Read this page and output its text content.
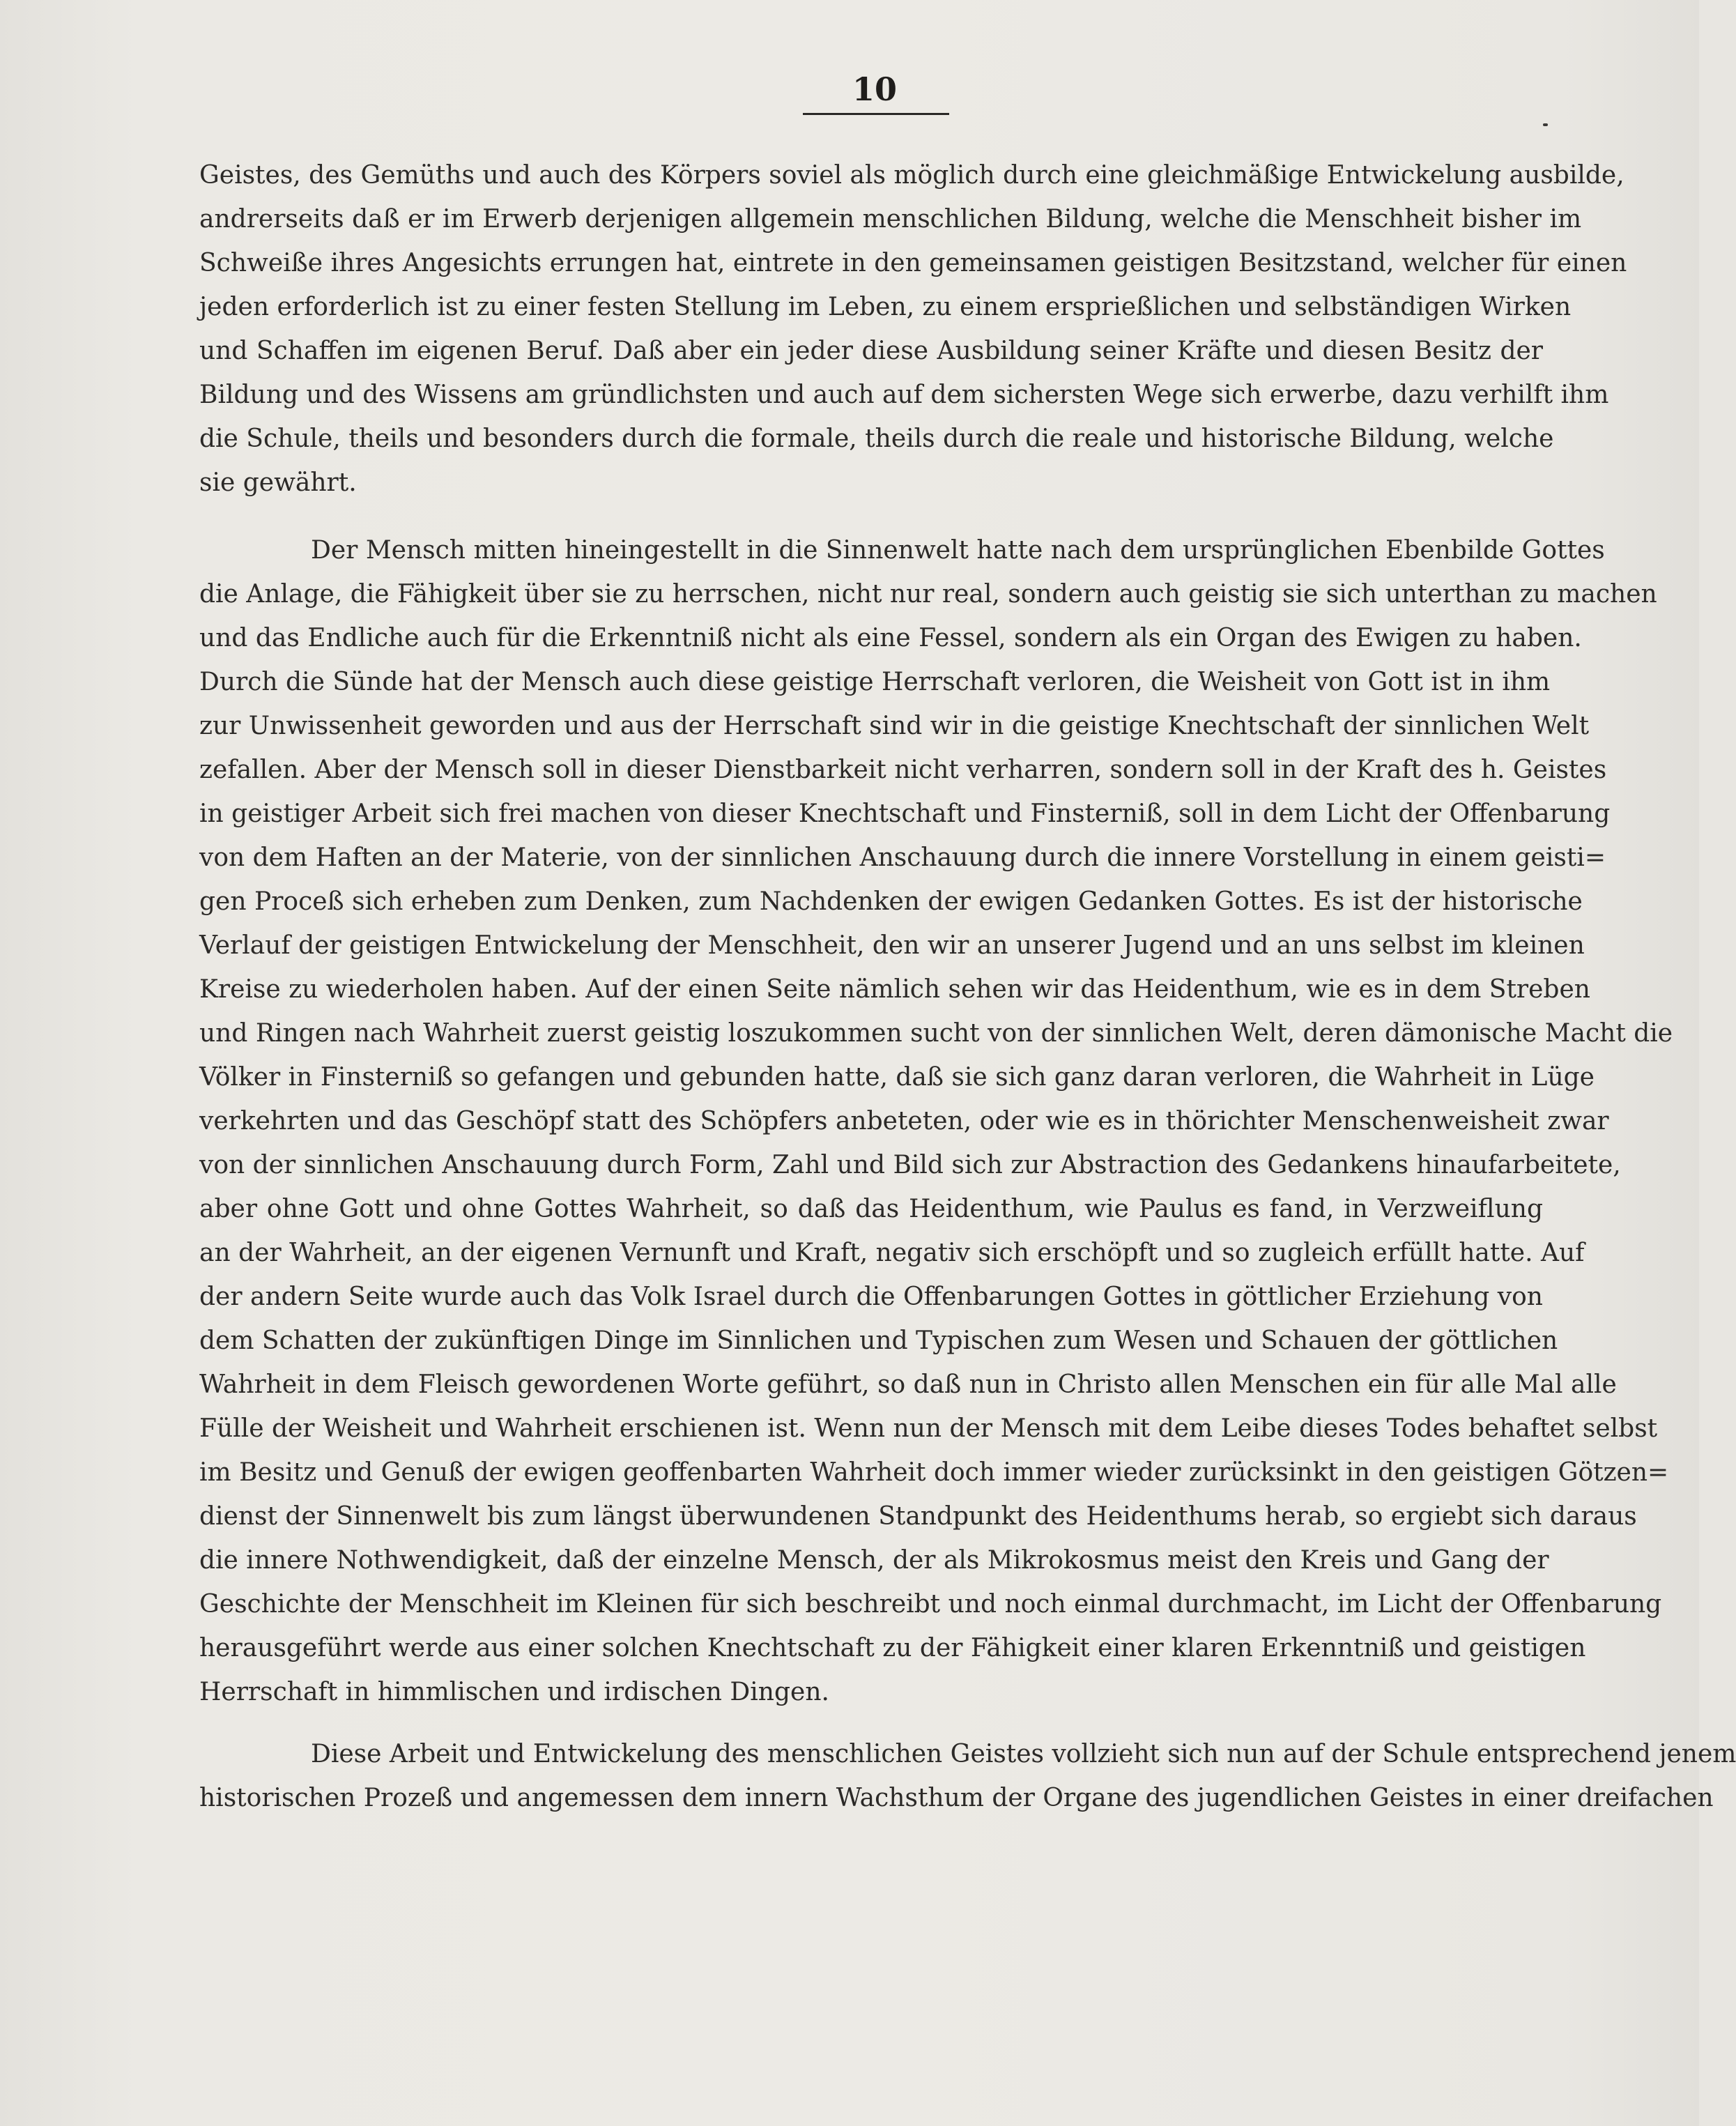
10
Geistes, des Gemüths und auch des Körpers soviel als möglich durch eine gleichmäßige Entwickelung ausbilde,
andrerseits daß er im Erwerb derjenigen allgemein menschlichen Bildung, welche die Menschheit bisher im
Schweiße ihres Angesichts errungen hat, eintrete in den gemeinsamen geistigen Besitzstand, welcher für einen
jeden erforderlich ist zu einer festen Stellung im Leben, zu einem ersprießlichen und selbständigen Wirken
und Schaffen im eigenen Beruf. Daß aber ein jeder diese Ausbildung seiner Kräfte und diesen Besitz der
Bildung und des Wissens am gründlichsten und auch auf dem sichersten Wege sich erwerbe, dazu verhilft ihm
die Schule, theils und besonders durch die formale, theils durch die reale und historische Bildung, welche
sie gewährt.
Der Mensch mitten hineingestellt in die Sinnenwelt hatte nach dem ursprünglichen Ebenbilde Gottes
die Anlage, die Fähigkeit über sie zu herrschen, nicht nur real, sondern auch geistig sie sich unterthan zu machen
und das Endliche auch für die Erkenntniß nicht als eine Fessel, sondern als ein Organ des Ewigen zu haben.
Durch die Sünde hat der Mensch auch diese geistige Herrschaft verloren, die Weisheit von Gott ist in ihm
zur Unwissenheit geworden und aus der Herrschaft sind wir in die geistige Knechtschaft der sinnlichen Welt
zefallen. Aber der Mensch soll in dieser Dienstbarkeit nicht verharren, sondern soll in der Kraft des h. Geistes
in geistiger Arbeit sich frei machen von dieser Knechtschaft und Finsterniß, soll in dem Licht der Offenbarung
von dem Haften an der Materie, von der sinnlichen Anschauung durch die innere Vorstellung in einem geisti=
gen Proceß sich erheben zum Denken, zum Nachdenken der ewigen Gedanken Gottes. Es ist der historische
Verlauf der geistigen Entwickelung der Menschheit, den wir an unserer Jugend und an uns selbst im kleinen
Kreise zu wiederholen haben. Auf der einen Seite nämlich sehen wir das Heidenthum, wie es in dem Streben
und Ringen nach Wahrheit zuerst geistig loszukommen sucht von der sinnlichen Welt, deren dämonische Macht die
Völker in Finsterniß so gefangen und gebunden hatte, daß sie sich ganz daran verloren, die Wahrheit in Lüge
verkehrten und das Geschöpf statt des Schöpfers anbeteten, oder wie es in thörichter Menschenweisheit zwar
von der sinnlichen Anschauung durch Form, Zahl und Bild sich zur Abstraction des Gedankens hinaufarbeitete,
aber ohne Gott und ohne Gottes Wahrheit, so daß das Heidenthum, wie Paulus es fand, in Verzweiflung
an der Wahrheit, an der eigenen Vernunft und Kraft, negativ sich erschöpft und so zugleich erfüllt hatte. Auf
der andern Seite wurde auch das Volk Israel durch die Offenbarungen Gottes in göttlicher Erziehung von
dem Schatten der zukünftigen Dinge im Sinnlichen und Typischen zum Wesen und Schauen der göttlichen
Wahrheit in dem Fleisch gewordenen Worte geführt, so daß nun in Christo allen Menschen ein für alle Mal alle
Fülle der Weisheit und Wahrheit erschienen ist. Wenn nun der Mensch mit dem Leibe dieses Todes behaftet selbst
im Besitz und Genuß der ewigen geoffenbarten Wahrheit doch immer wieder zurücksinkt in den geistigen Götzen=
dienst der Sinnenwelt bis zum längst überwundenen Standpunkt des Heidenthums herab, so ergiebt sich daraus
die innere Nothwendigkeit, daß der einzelne Mensch, der als Mikrokosmus meist den Kreis und Gang der
Geschichte der Menschheit im Kleinen für sich beschreibt und noch einmal durchmacht, im Licht der Offenbarung
herausgeführt werde aus einer solchen Knechtschaft zu der Fähigkeit einer klaren Erkenntniß und geistigen
Herrschaft in himmlischen und irdischen Dingen.
Diese Arbeit und Entwickelung des menschlichen Geistes vollzieht sich nun auf der Schule entsprechend jenem
historischen Prozeß und angemessen dem innern Wachsthum der Organe des jugendlichen Geistes in einer dreifachen
